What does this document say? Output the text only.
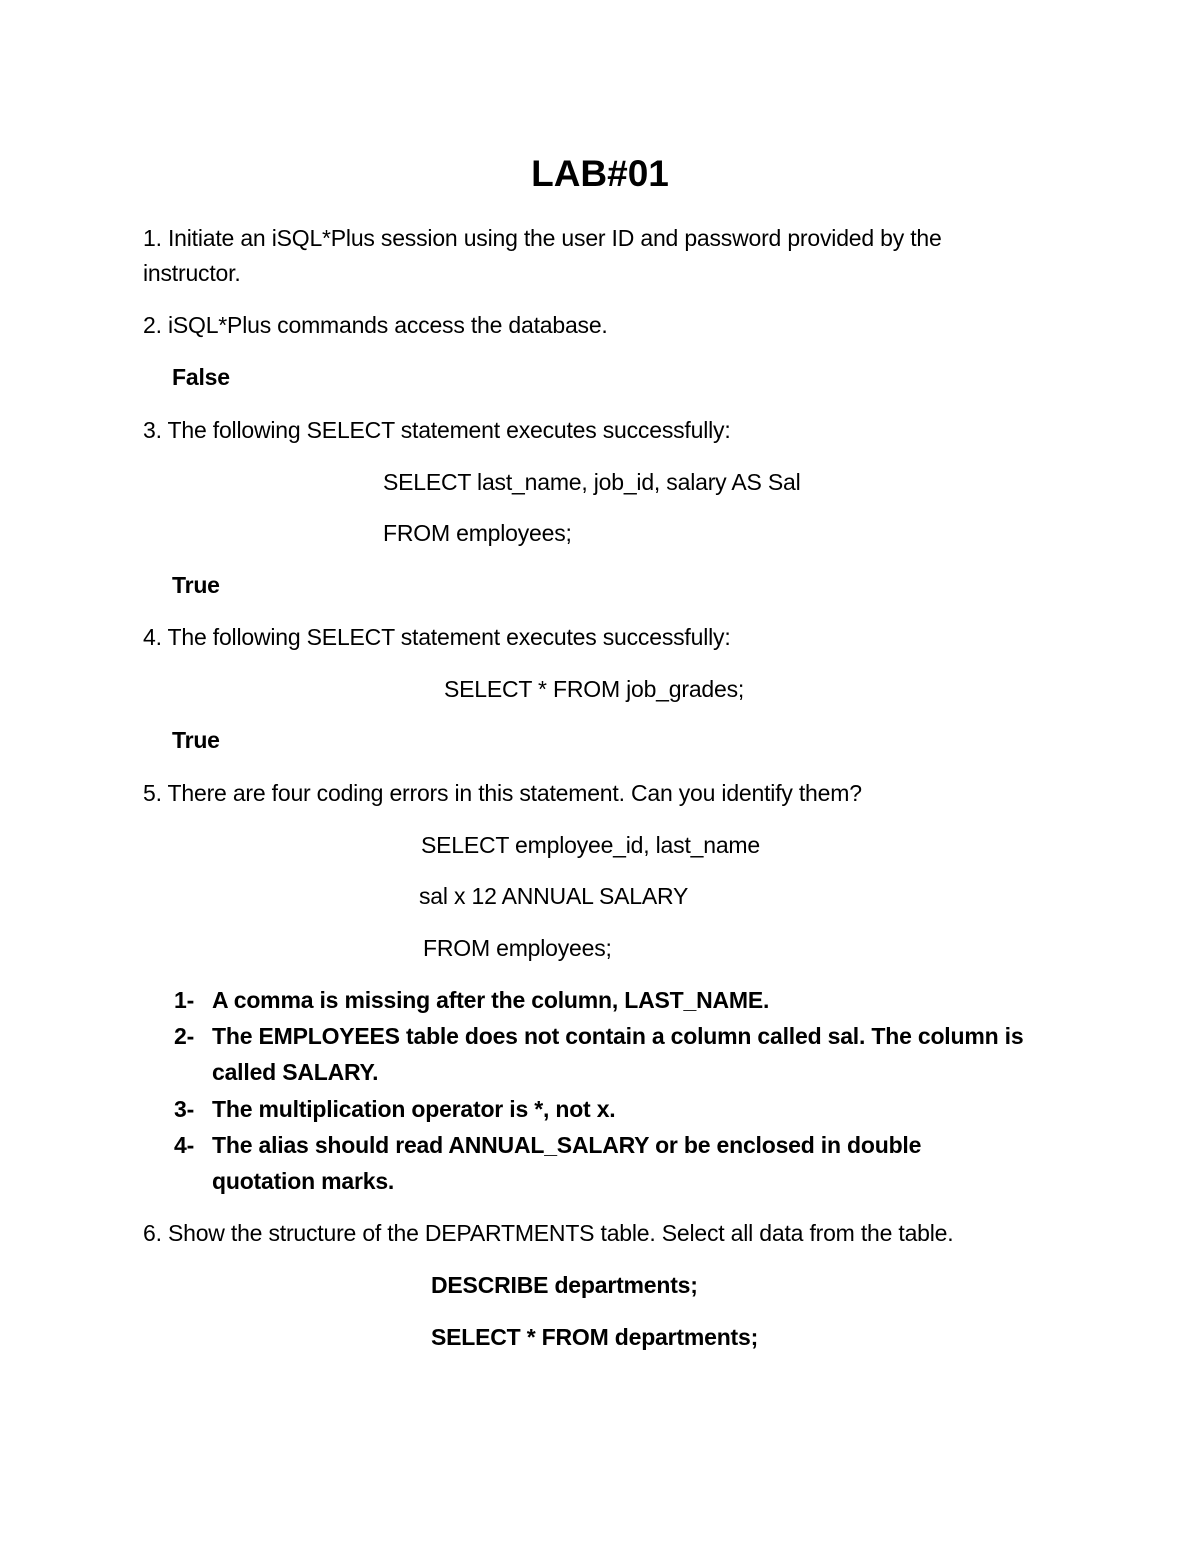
LAB#01
1. Initiate an iSQL*Plus session using the user ID and password provided by the
instructor.
2. iSQL*Plus commands access the database.
False
3. The following SELECT statement executes successfully:
SELECT last_name, job_id, salary AS Sal
FROM employees;
True
4. The following SELECT statement executes successfully:
SELECT * FROM job_grades;
True
5. There are four coding errors in this statement. Can you identify them?
SELECT employee_id, last_name
sal x 12 ANNUAL SALARY
FROM employees;
1- A comma is missing after the column, LAST_NAME.
2- The EMPLOYEES table does not contain a column called sal. The column is
called SALARY.
3- The multiplication operator is *, not x.
4- The alias should read ANNUAL_SALARY or be enclosed in double
quotation marks.
6. Show the structure of the DEPARTMENTS table. Select all data from the table.
DESCRIBE departments;
SELECT * FROM departments;
